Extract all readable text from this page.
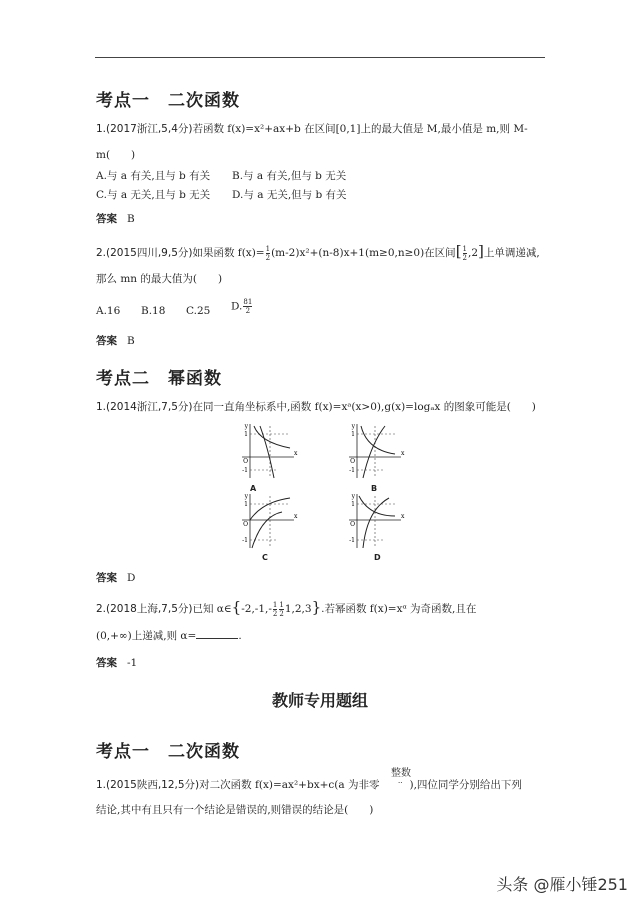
考点一　二次函数
1.(2017浙江,5,4分)若函数 f(x)=x²+ax+b 在区间[0,1]上的最大值是 M,最小值是 m,则 M-
m(　　)
A.与 a 有关,且与 b 有关 B.与 a 有关,但与 b 无关
C.与 a 无关,且与 b 无关 D.与 a 无关,但与 b 有关
答案 B
2.(2015四川,9,5分)如果函数 $f(x)= \frac{1}{2} (m-2)x^2+(n-8)x+1(m\ge 0,n\ge 0)$在区间[ $\frac{1}{2} ,2$]上单调递减,
那么 mn 的最大值为(　　)
A.16 B.18 C.25 D. $\frac{81}{2}$
答案 B
考点二　幂函数
1.(2014浙江,7,5分)在同一直角坐标系中,函数 f(x)=xᵃ(x>0),g(x)=logₐx 的图象可能是(　　)
y
x
O
1
-1
A
y
x
O
1
-1
B
y
x
O
1
-1
C
y
x
O
1
-1
D
答案 D
2.(2018上海,7,5分)已知 α∈{-2,-1,- $\frac{1}{2} \frac{1}{2} 1,2,3$}.若幂函数 f(x)=xᵅ 为奇函数,且在
(0,+∞)上递减,则 α=	.
答案 -1
教师专用题组
考点一　二次函数
整数
··
1.(2015陕西,12,5分)对二次函数 f(x)=ax²+bx+c(a 为非零	),四位同学分别给出下列
结论,其中有且只有一个结论是错误的,则错误的结论是(　　)
头条 @雁小锤251
